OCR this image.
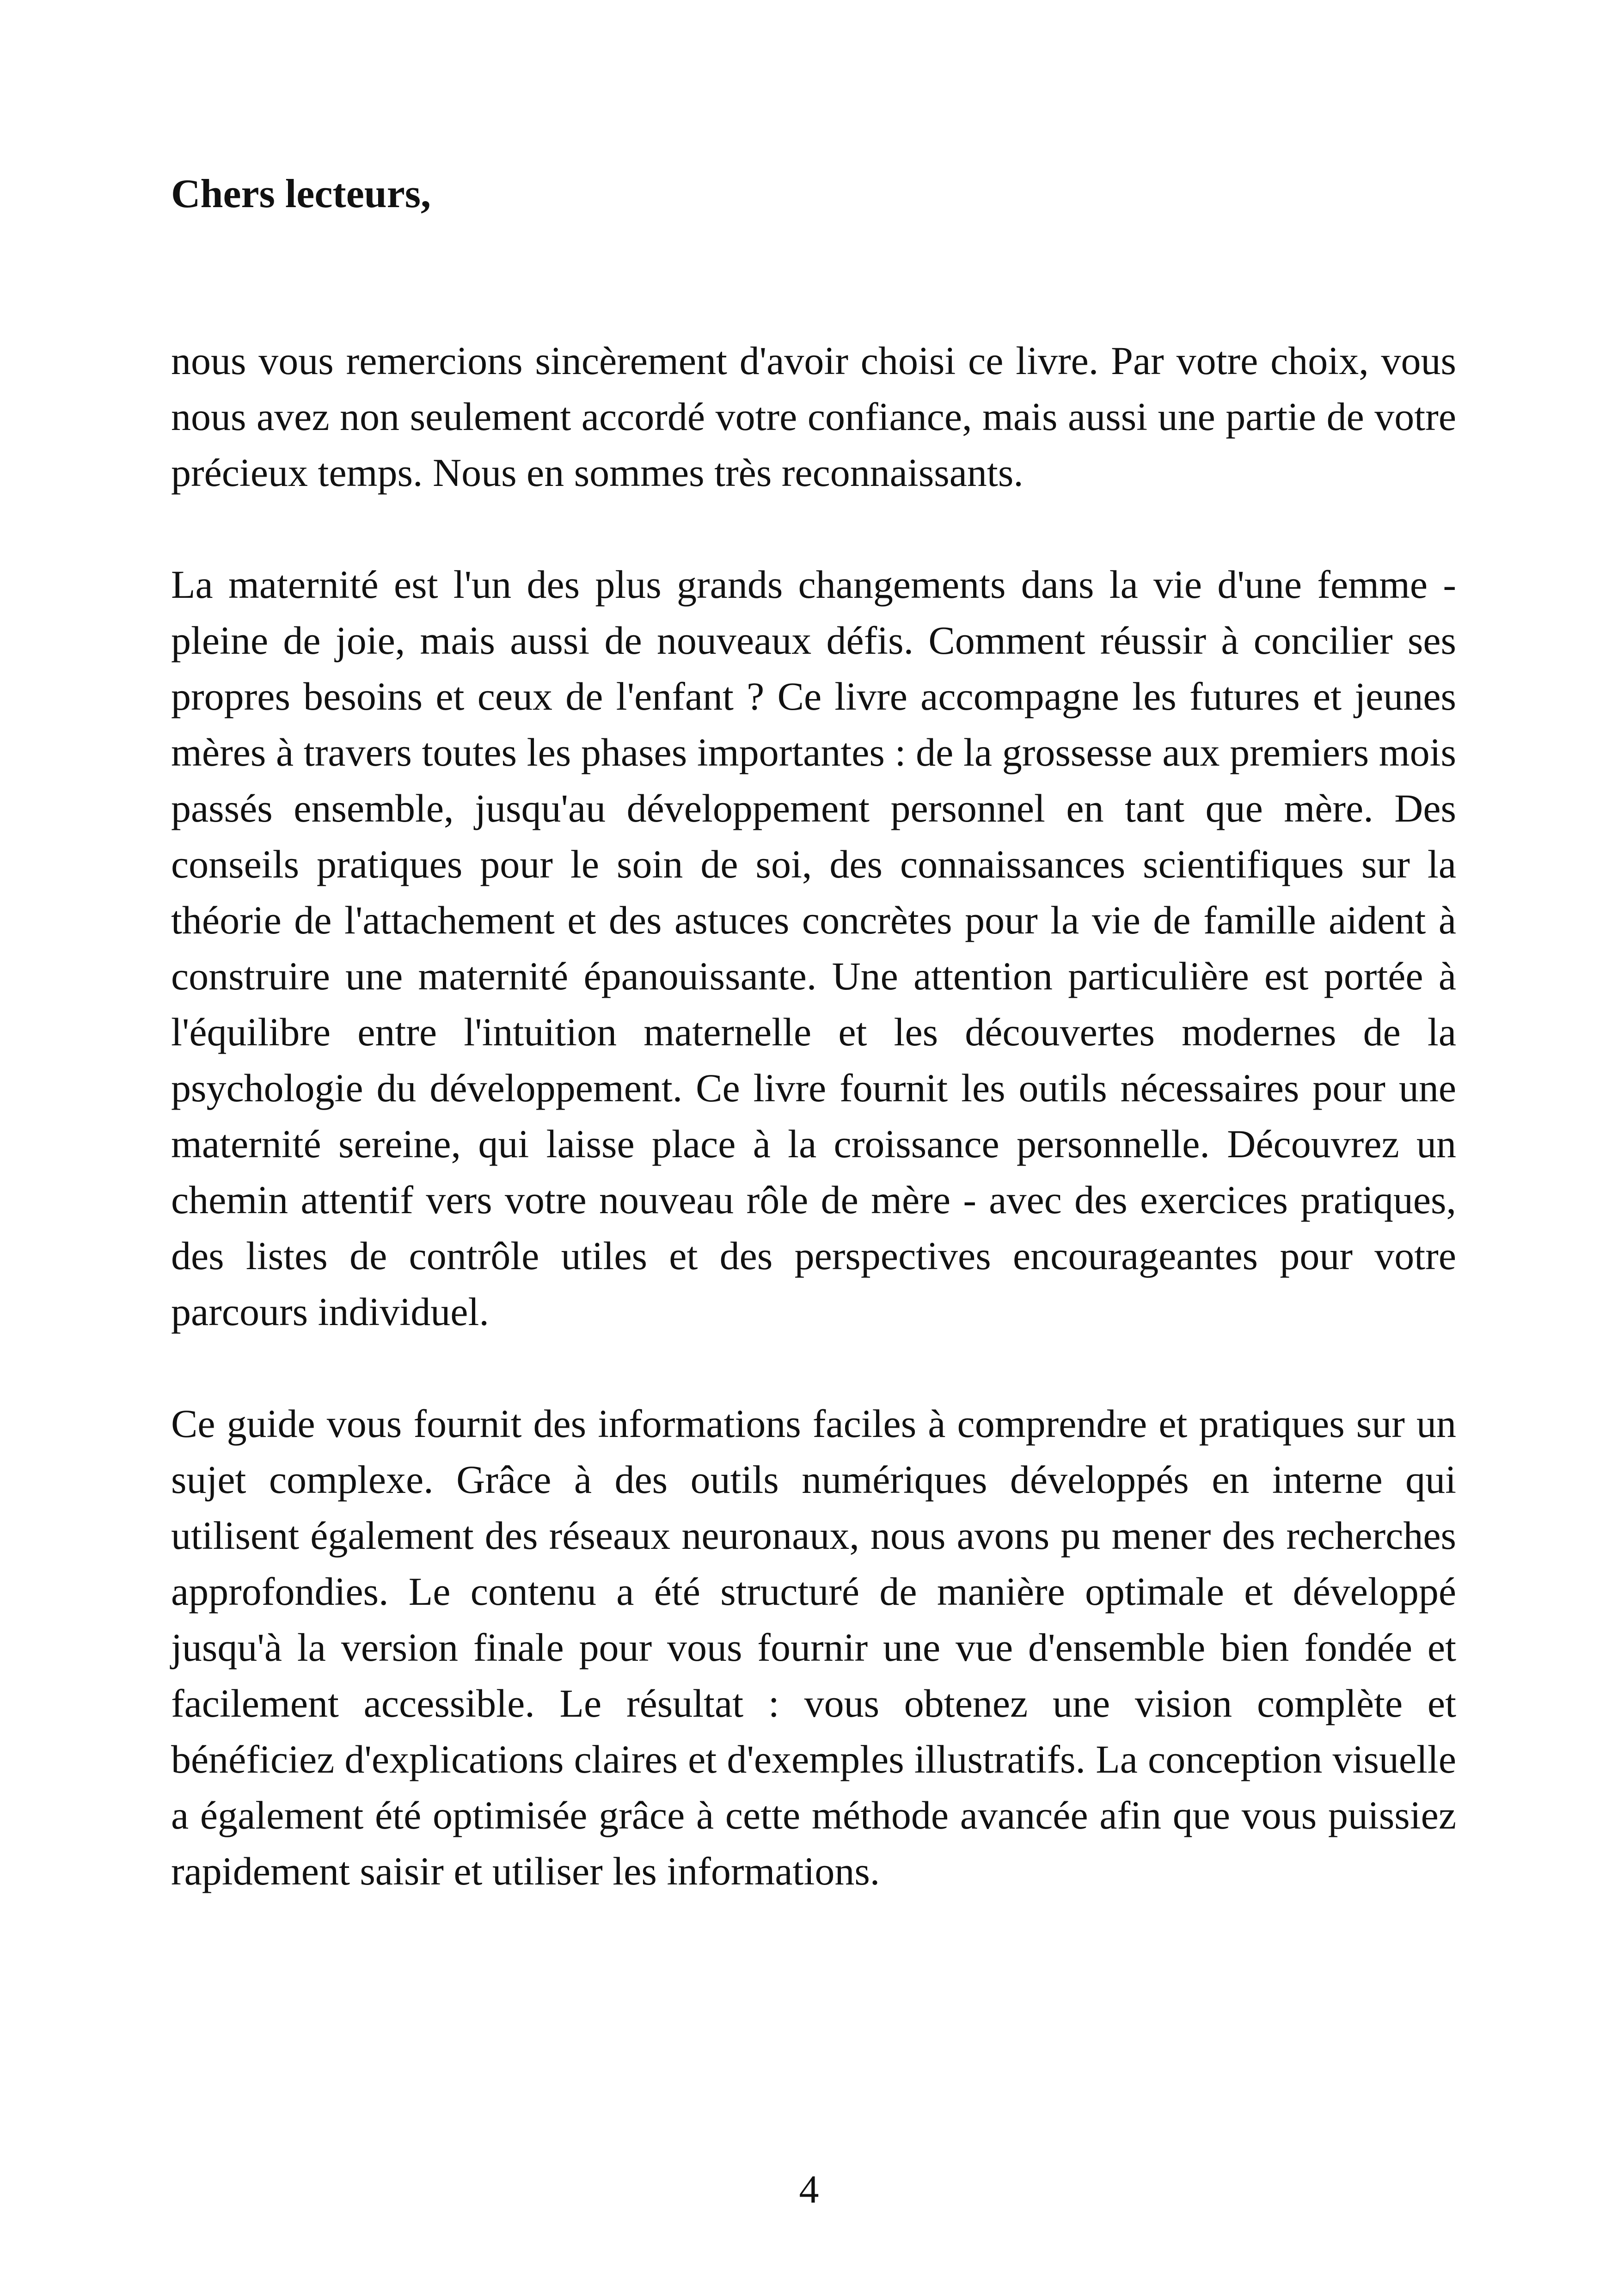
Chers lecteurs,

nous vous remercions sincèrement d'avoir choisi ce livre. Par votre choix, vous nous avez non seulement accordé votre confiance, mais aussi une partie de votre précieux temps. Nous en sommes très reconnaissants.

La maternité est l'un des plus grands changements dans la vie d'une femme - pleine de joie, mais aussi de nouveaux défis. Comment réussir à concilier ses propres besoins et ceux de l'enfant ? Ce livre accompagne les futures et jeunes mères à travers toutes les phases importantes : de la grossesse aux premiers mois passés ensemble, jusqu'au développement personnel en tant que mère. Des conseils pratiques pour le soin de soi, des connaissances scientifiques sur la théorie de l'attachement et des astuces concrètes pour la vie de famille aident à construire une maternité épanouissante. Une attention particulière est portée à l'équilibre entre l'intuition maternelle et les découvertes modernes de la psychologie du développement. Ce livre fournit les outils nécessaires pour une maternité sereine, qui laisse place à la croissance personnelle. Découvrez un chemin attentif vers votre nouveau rôle de mère - avec des exercices pratiques, des listes de contrôle utiles et des perspectives encourageantes pour votre parcours individuel.

Ce guide vous fournit des informations faciles à comprendre et pratiques sur un sujet complexe. Grâce à des outils numériques développés en interne qui utilisent également des réseaux neuronaux, nous avons pu mener des recherches approfondies. Le contenu a été structuré de manière optimale et développé jusqu'à la version finale pour vous fournir une vue d'ensemble bien fondée et facilement accessible. Le résultat : vous obtenez une vision complète et bénéficiez d'explications claires et d'exemples illustratifs. La conception visuelle a également été optimisée grâce à cette méthode avancée afin que vous puissiez rapidement saisir et utiliser les informations.

4
